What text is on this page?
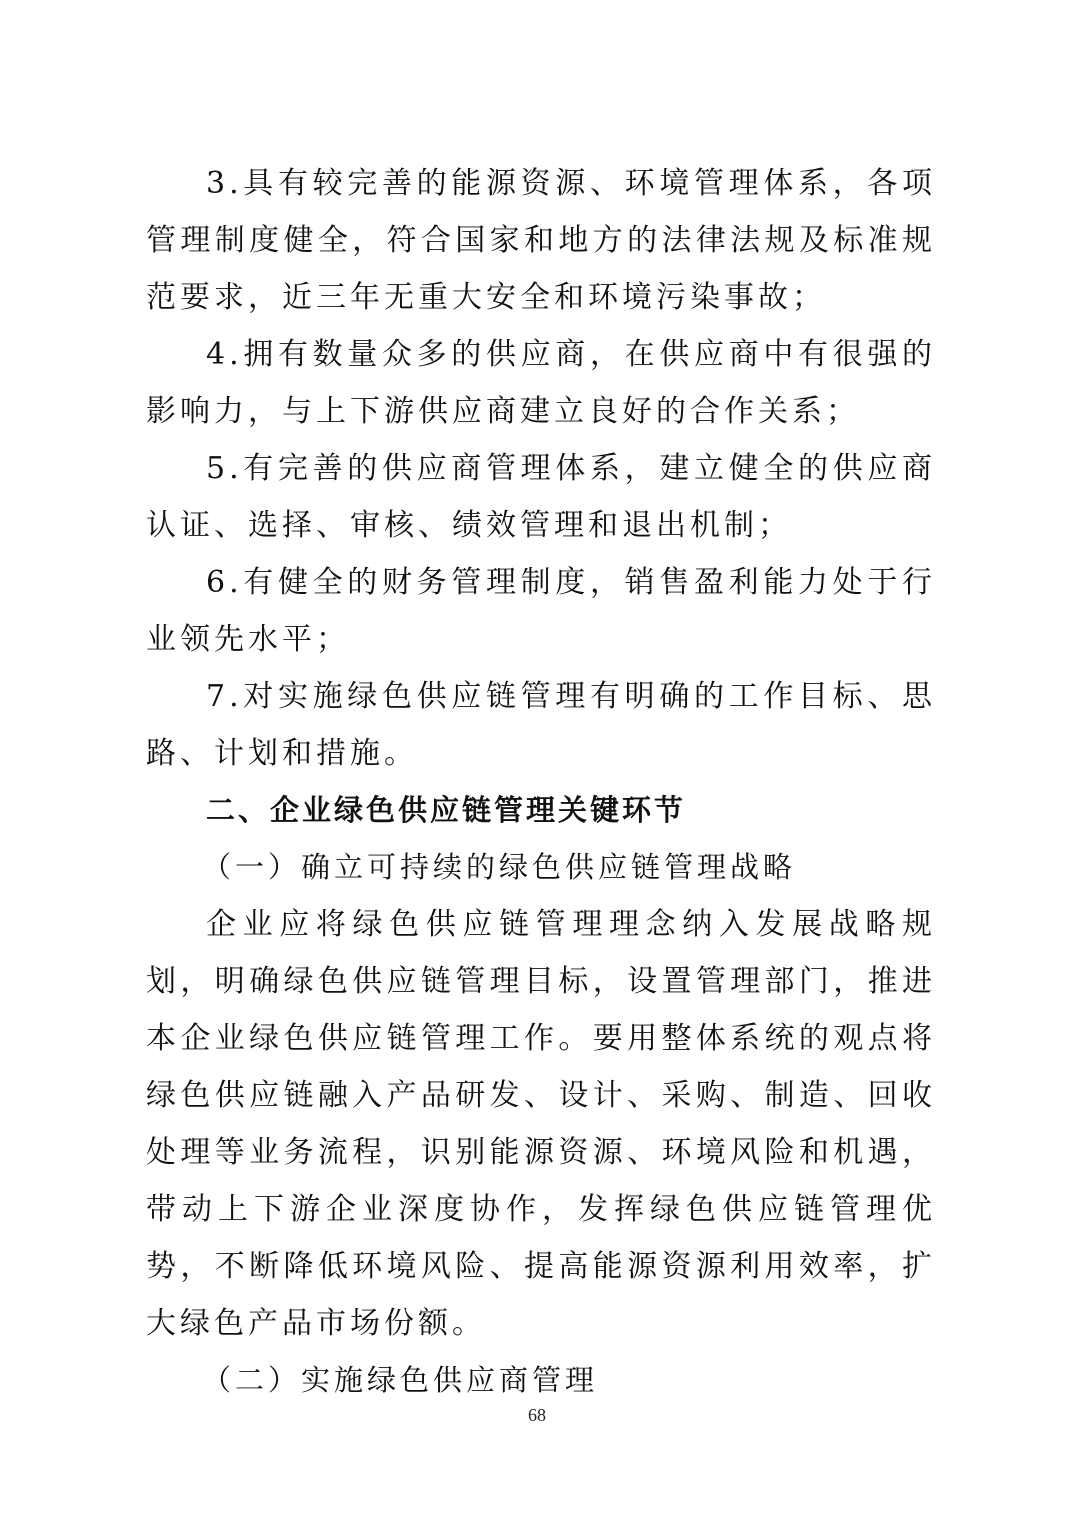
3.具有较完善的能源资源、环境管理体系，各项管理制度健全，符合国家和地方的法律法规及标准规范要求，近三年无重大安全和环境污染事故；

4.拥有数量众多的供应商，在供应商中有很强的影响力，与上下游供应商建立良好的合作关系；

5.有完善的供应商管理体系，建立健全的供应商认证、选择、审核、绩效管理和退出机制；

6.有健全的财务管理制度，销售盈利能力处于行业领先水平；

7.对实施绿色供应链管理有明确的工作目标、思路、计划和措施。

二、企业绿色供应链管理关键环节

（一）确立可持续的绿色供应链管理战略

企业应将绿色供应链管理理念纳入发展战略规划，明确绿色供应链管理目标，设置管理部门，推进本企业绿色供应链管理工作。要用整体系统的观点将绿色供应链融入产品研发、设计、采购、制造、回收处理等业务流程，识别能源资源、环境风险和机遇，带动上下游企业深度协作，发挥绿色供应链管理优势，不断降低环境风险、提高能源资源利用效率，扩大绿色产品市场份额。

（二）实施绿色供应商管理

68
